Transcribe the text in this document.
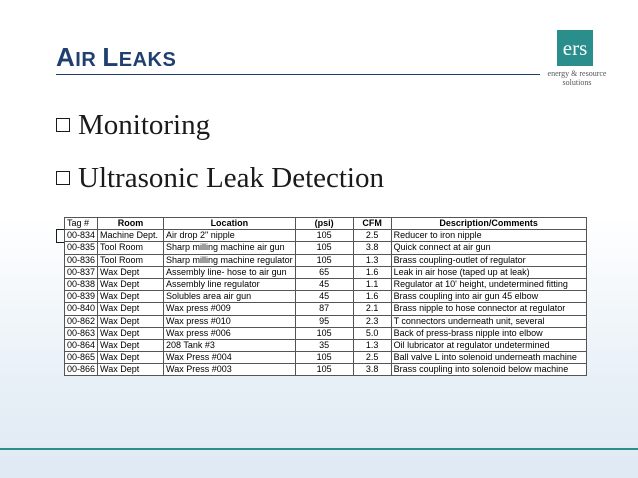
AIR LEAKS	ers
energy & resource
solutions
Monitoring
Ultrasonic Leak Detection
Tag #	Room	Location	(psi)	CFM	Description/Comments
00-834	Machine Dept.	Air drop 2" nipple	105	2.5	Reducer to iron nipple
00-835	Tool Room	Sharp milling machine air gun	105	3.8	Quick connect at air gun
00-836	Tool Room	Sharp milling machine regulator	105	1.3	Brass coupling-outlet of regulator
00-837	Wax Dept	Assembly line- hose to air gun	65	1.6	Leak in air hose (taped up at leak)
00-838	Wax Dept	Assembly line regulator	45	1.1	Regulator at 10' height, undetermined fitting
00-839	Wax Dept	Solubles area air gun	45	1.6	Brass coupling into air gun 45 elbow
00-840	Wax Dept	Wax press #009	87	2.1	Brass nipple to hose connector at regulator
00-862	Wax Dept	Wax press #010	95	2.3	T connectors underneath unit, several
00-863	Wax Dept	Wax press #006	105	5.0	Back of press-brass nipple into elbow
00-864	Wax Dept	208 Tank #3	35	1.3	Oil lubricator at regulator undetermined
00-865	Wax Dept	Wax Press #004	105	2.5	Ball valve L into solenoid underneath machine
00-866	Wax Dept	Wax Press #003	105	3.8	Brass coupling into solenoid below machine
